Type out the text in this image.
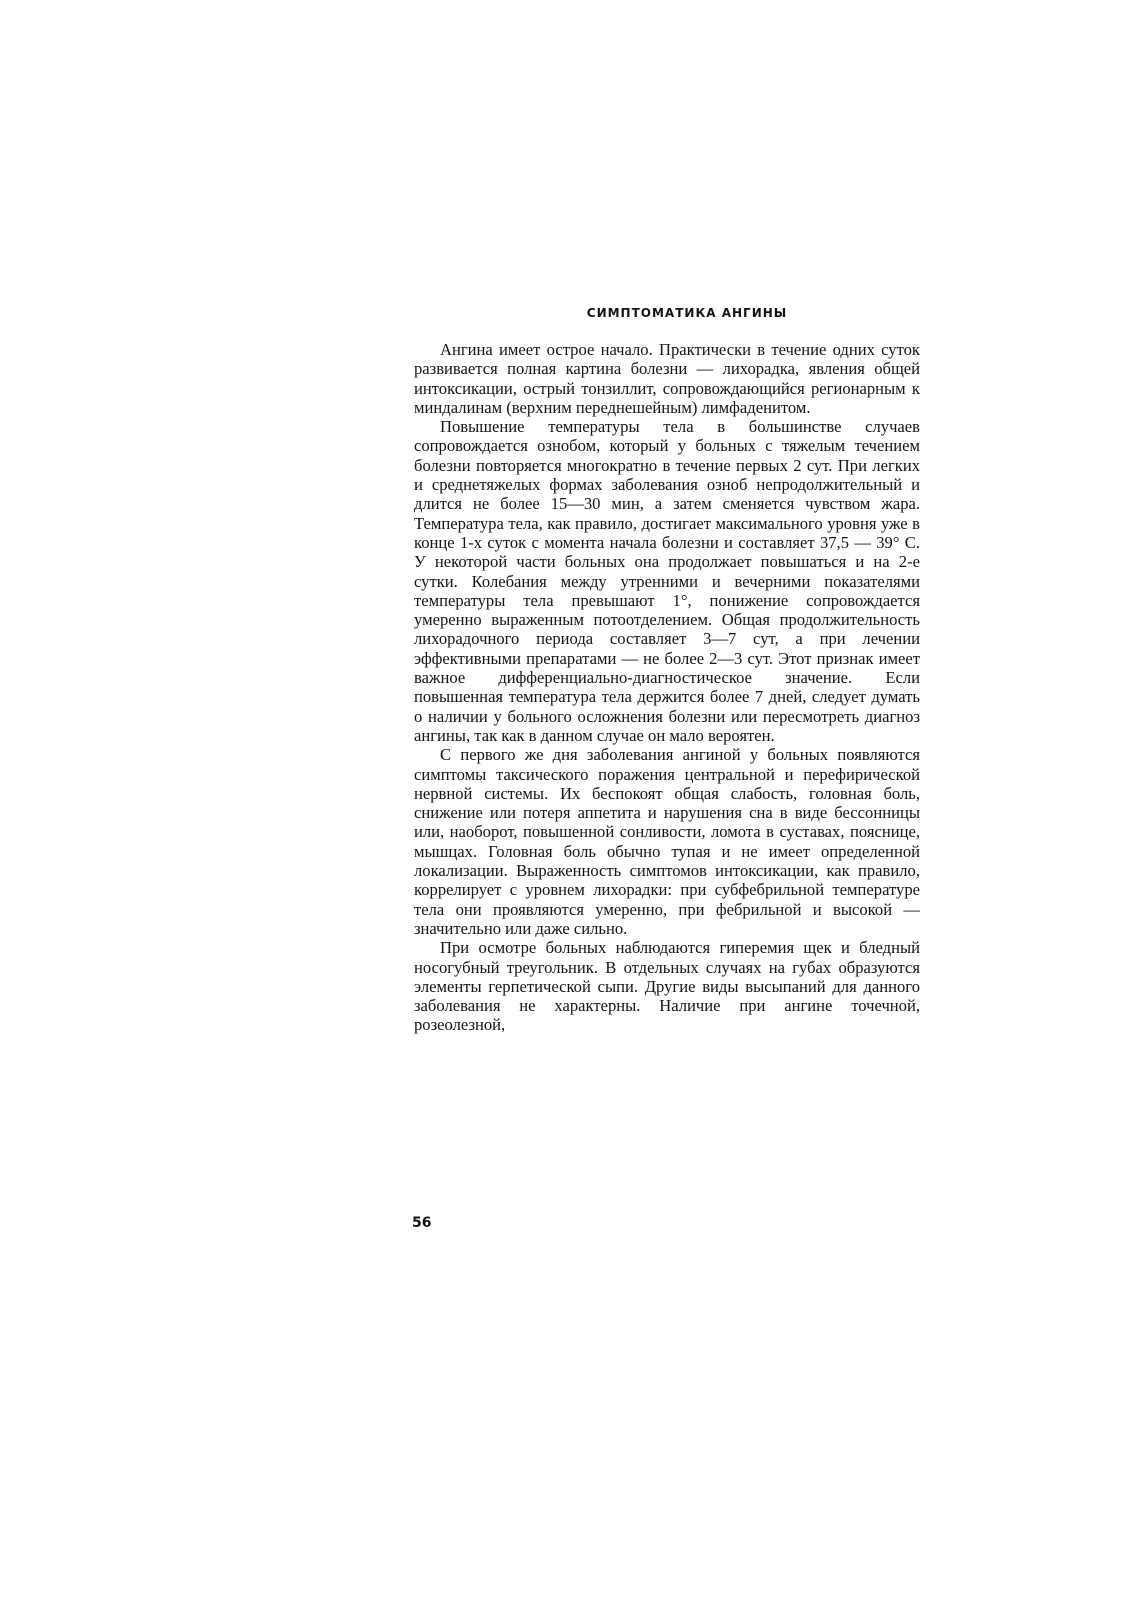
СИМПТОМАТИКА АНГИНЫ

Ангина имеет острое начало. Практически в течение одних суток развивается полная картина болезни — лихорадка, явления общей интоксикации, острый тонзиллит, сопровождающийся регионарным к миндалинам (верхним переднешейным) лимфаденитом.

Повышение температуры тела в большинстве случаев сопровождается ознобом, который у больных с тяжелым течением болезни повторяется многократно в течение первых 2 сут. При легких и среднетяжелых формах заболевания озноб непродолжительный и длится не более 15—30 мин, а затем сменяется чувством жара. Температура тела, как правило, достигает максимального уровня уже в конце 1-х суток с момента начала болезни и составляет 37,5 — 39° С. У некоторой части больных она продолжает повышаться и на 2-е сутки. Колебания между утренними и вечерними показателями температуры тела превышают 1°, понижение сопровождается умеренно выраженным потоотделением. Общая продолжительность лихорадочного периода составляет 3—7 сут, а при лечении эффективными препаратами — не более 2—3 сут. Этот признак имеет важное дифференциально-диагностическое значение. Если повышенная температура тела держится более 7 дней, следует думать о наличии у больного осложнения болезни или пересмотреть диагноз ангины, так как в данном случае он мало вероятен.

С первого же дня заболевания ангиной у больных появляются симптомы таксического поражения центральной и перефирической нервной системы. Их беспокоят общая слабость, головная боль, снижение или потеря аппетита и нарушения сна в виде бессонницы или, наоборот, повышенной сонливости, ломота в суставах, пояснице, мышцах. Головная боль обычно тупая и не имеет определенной локализации. Выраженность симптомов интоксикации, как правило, коррелирует с уровнем лихорадки: при субфебрильной температуре тела они проявляются умеренно, при фебрильной и высокой — значительно или даже сильно.

При осмотре больных наблюдаются гиперемия щек и бледный носогубный треугольник. В отдельных случаях на губах образуются элементы герпетической сыпи. Другие виды высыпаний для данного заболевания не характерны. Наличие при ангине точечной, розеолезной,

56
